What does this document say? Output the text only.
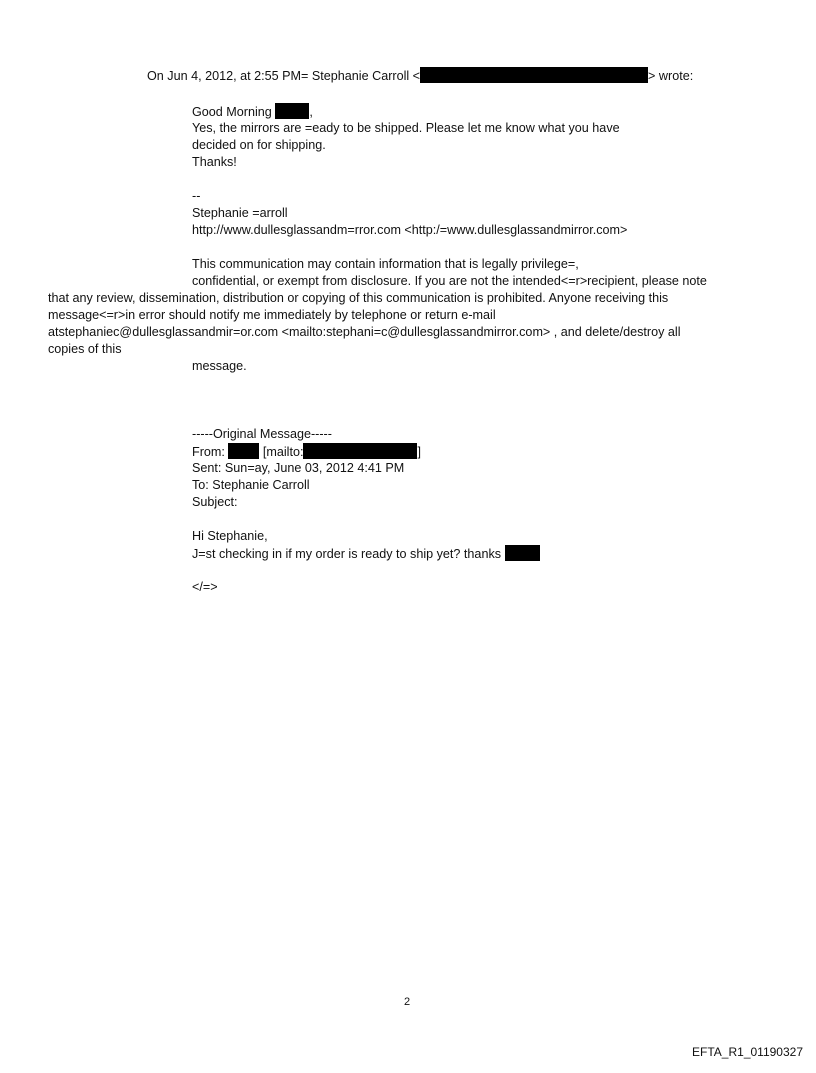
On Jun 4, 2012, at 2:55 PM= Stephanie Carroll <	> wrote:
Good Morning	,
Yes, the mirrors are =eady to be shipped. Please let me know what you have
decided on for shipping.
Thanks!
--
Stephanie =arroll
http://www.dullesglassandm=rror.com <http:/=www.dullesglassandmirror.com>
This communication may contain information that is legally privilege=,
confidential, or exempt from disclosure. If you are not the intended<=r>recipient, please note
that any review, dissemination, distribution or copying of this communication is prohibited. Anyone receiving this
message<=r>in error should notify me immediately by telephone or return e-mail
atstephaniec@dullesglassandmir=or.com <mailto:stephani=c@dullesglassandmirror.com> , and delete/destroy all
copies of this
message.
-----Original Message-----
From:	[mailto:	]
Sent: Sun=ay, June 03, 2012 4:41 PM
To: Stephanie Carroll
Subject:
Hi Stephanie,
J=st checking in if my order is ready to ship yet? thanks
</=>
2
EFTA_R1_01190327
